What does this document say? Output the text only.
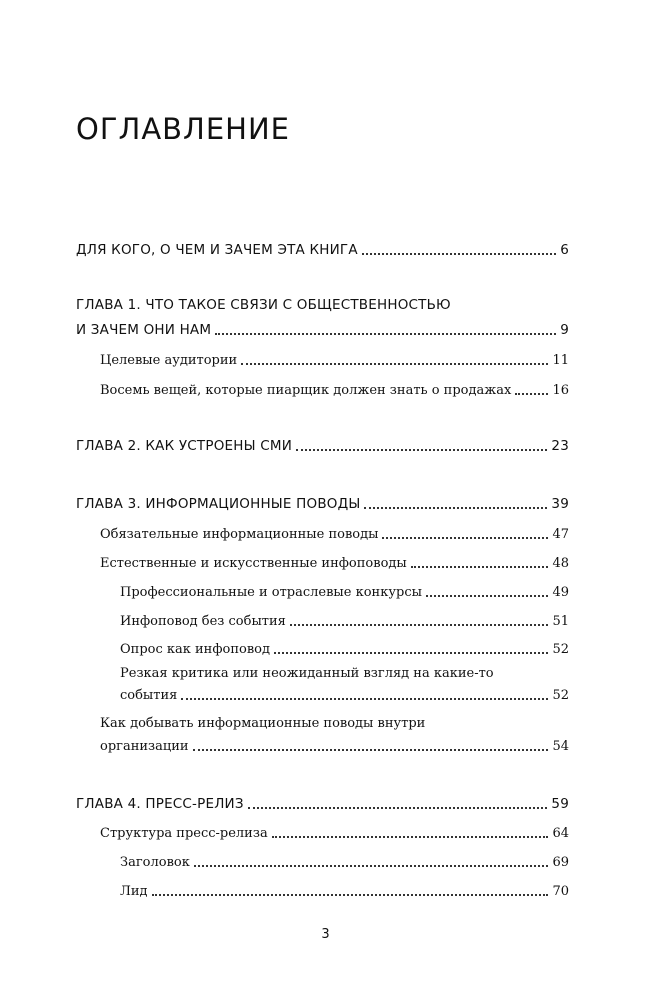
ОГЛАВЛЕНИЕ
ДЛЯ КОГО, О ЧЕМ И ЗАЧЕМ ЭТА КНИГА	6
ГЛАВА 1. ЧТО ТАКОЕ СВЯЗИ С ОБЩЕСТВЕННОСТЬЮ
И ЗАЧЕМ ОНИ НАМ	9
Целевые аудитории	11
Восемь вещей, которые пиарщик должен знать о продажах	16
ГЛАВА 2. КАК УСТРОЕНЫ СМИ	23
ГЛАВА 3. ИНФОРМАЦИОННЫЕ ПОВОДЫ	39
Обязательные информационные поводы	47
Естественные и искусственные инфоповоды	48
Профессиональные и отраслевые конкурсы	49
Инфоповод без события	51
Опрос как инфоповод	52
Резкая критика или неожиданный взгляд на какие-то
события	52
Как добывать информационные поводы внутри
организации	54
ГЛАВА 4. ПРЕСС-РЕЛИЗ	59
Структура пресс-релиза	64
Заголовок	69
Лид	70
3
